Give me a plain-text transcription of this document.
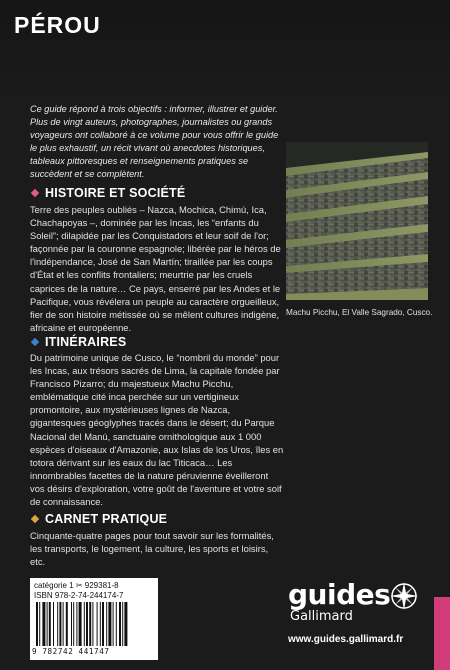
PÉROU
Ce guide répond à trois objectifs : informer, illustrer et guider. Plus de vingt auteurs, photographes, journalistes ou grands voyageurs ont collaboré à ce volume pour vous offrir le guide le plus exhaustif, un récit vivant où anecdotes historiques, tableaux pittoresques et renseignements pratiques se succèdent et se complètent.
HISTOIRE ET SOCIÉTÉ
Terre des peuples oubliés – Nazca, Mochica, Chimú, Ica, Chachapoyas –, dominée par les Incas, les “enfants du Soleil”; dilapidée par les Conquistadors et leur soif de l'or; façonnée par la couronne espagnole; libérée par le héros de l'indépendance, José de San Martín; tiraillée par les coups d'État et les conflits frontaliers; meurtrie par les cruels caprices de la nature… Ce pays, enserré par les Andes et le Pacifique, vous révélera un peuple au caractère orgueilleux, fier de son histoire métissée où se mêlent cultures indigène, africaine et européenne.
ITINÉRAIRES
Du patrimoine unique de Cusco, le “nombril du monde” pour les Incas, aux trésors sacrés de Lima, la capitale fondée par Francisco Pizarro; du majestueux Machu Picchu, emblématique cité inca perchée sur un vertigineux promontoire, aux mystérieuses lignes de Nazca, gigantesques géoglyphes tracés dans le désert; du Parque Nacional del Manú, sanctuaire ornithologique aux 1 000 espèces d'oiseaux d'Amazonie, aux Islas de los Uros, îles en totora dérivant sur les eaux du lac Titicaca… Les innombrables facettes de la nature péruvienne éveilleront vos désirs d'exploration, votre goût de l'aventure et votre soif de connaissance.
CARNET PRATIQUE
Cinquante-quatre pages pour tout savoir sur les formalités, les transports, le logement, la culture, les sports et loisirs, etc.
Machu Picchu, El Valle Sagrado, Cusco.
catégorie 1 ✂ 929381-8
ISBN 978-2-74-244174-7
9 782742 441747
guides
Gallimard
www.guides.gallimard.fr
